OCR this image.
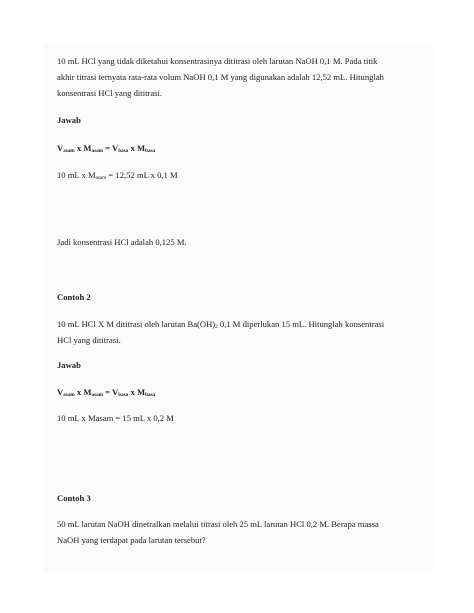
10 mL HCl yang tidak diketahui konsentrasinya dititrasi oleh larutan NaOH 0,1 M. Pada titik
akhir titrasi ternyata rata-rata volum NaOH 0,1 M yang digunakan adalah 12,52 mL. Hitunglah
konsentrasi HCl yang dititrasi.

Jawab

$V_{asam}$ x $M_{asam} = V_{basa}$ x $M_{basa}$

10 mL x $M_{asam} = 12,52$ mL x 0,1 M

Jadi konsentrasi HCl adalah 0,125 M.

Contoh 2

10 mL HCl X M dititrasi oleh larutan $Ba(OH)_2$ 0,1 M diperlukan 15 mL. Hitunglah konsentrasi
HCl yang dititrasi.

Jawab

$V_{asam}$ x $M_{asam} = V_{basa}$ x $M_{basa}$

10 mL x Masam = 15 mL x 0,2 M

Contoh 3

50 mL larutan NaOH dinetralkan melalui titrasi oleh 25 mL larutan HCl 0,2 M. Berapa massa
NaOH yang terdapat pada larutan tersebut?
